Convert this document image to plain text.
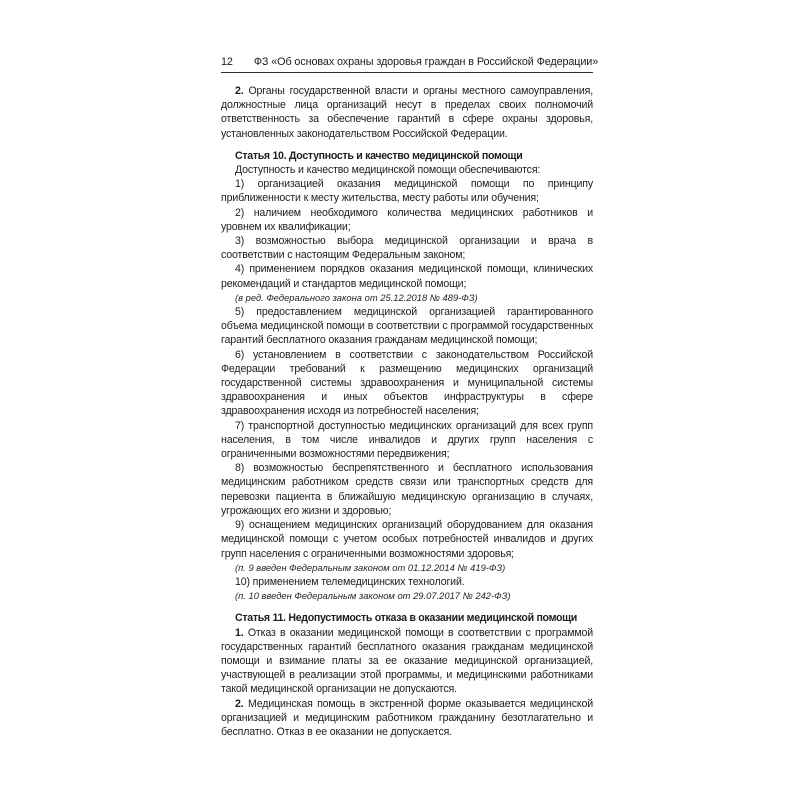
12 ФЗ «Об основах охраны здоровья граждан в Российской Федерации»

2. Органы государственной власти и органы местного самоуправления, должностные лица организаций несут в пределах своих полномочий ответственность за обеспечение гарантий в сфере охраны здоровья, установленных законодательством Российской Федерации.

Статья 10. Доступность и качество медицинской помощи

Доступность и качество медицинской помощи обеспечиваются:

1) организацией оказания медицинской помощи по принципу приближенности к месту жительства, месту работы или обучения;

2) наличием необходимого количества медицинских работников и уровнем их квалификации;

3) возможностью выбора медицинской организации и врача в соответствии с настоящим Федеральным законом;

4) применением порядков оказания медицинской помощи, клинических рекомендаций и стандартов медицинской помощи;

(в ред. Федерального закона от 25.12.2018 № 489-ФЗ)

5) предоставлением медицинской организацией гарантированного объема медицинской помощи в соответствии с программой государственных гарантий бесплатного оказания гражданам медицинской помощи;

6) установлением в соответствии с законодательством Российской Федерации требований к размещению медицинских организаций государственной системы здравоохранения и муниципальной системы здравоохранения и иных объектов инфраструктуры в сфере здравоохранения исходя из потребностей населения;

7) транспортной доступностью медицинских организаций для всех групп населения, в том числе инвалидов и других групп населения с ограниченными возможностями передвижения;

8) возможностью беспрепятственного и бесплатного использования медицинским работником средств связи или транспортных средств для перевозки пациента в ближайшую медицинскую организацию в случаях, угрожающих его жизни и здоровью;

9) оснащением медицинских организаций оборудованием для оказания медицинской помощи с учетом особых потребностей инвалидов и других групп населения с ограниченными возможностями здоровья;

(п. 9 введен Федеральным законом от 01.12.2014 № 419-ФЗ)

10) применением телемедицинских технологий.

(п. 10 введен Федеральным законом от 29.07.2017 № 242-ФЗ)

Статья 11. Недопустимость отказа в оказании медицинской помощи

1. Отказ в оказании медицинской помощи в соответствии с программой государственных гарантий бесплатного оказания гражданам медицинской помощи и взимание платы за ее оказание медицинской организацией, участвующей в реализации этой программы, и медицинскими работниками такой медицинской организации не допускаются.

2. Медицинская помощь в экстренной форме оказывается медицинской организацией и медицинским работником гражданину безотлагательно и бесплатно. Отказ в ее оказании не допускается.
